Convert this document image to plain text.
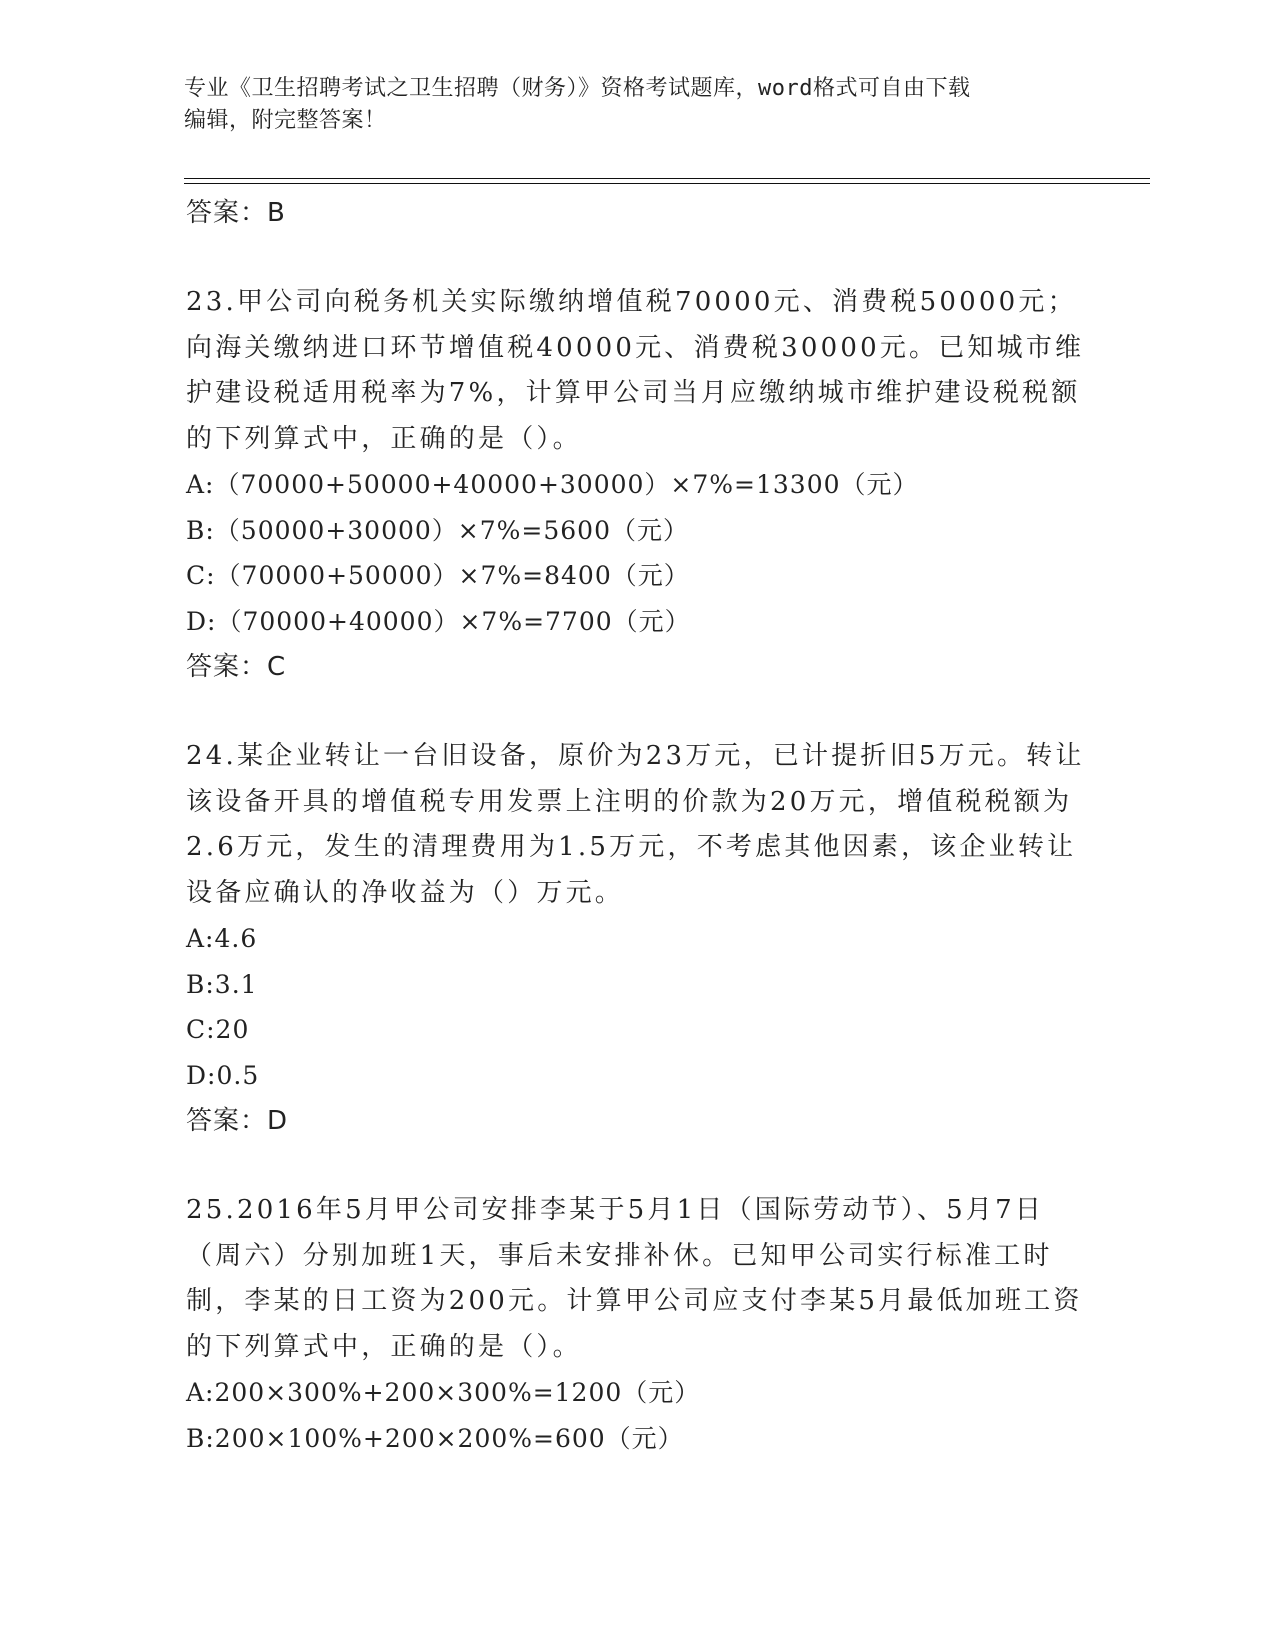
专业《卫生招聘考试之卫生招聘（财务）》资格考试题库，word格式可自由下载
编辑，附完整答案！

答案：B

23.甲公司向税务机关实际缴纳增值税70000元、消费税50000元；向海关缴纳进口环节增值税40000元、消费税30000元。已知城市维护建设税适用税率为7%，计算甲公司当月应缴纳城市维护建设税税额的下列算式中，正确的是（）。

A:（70000+50000+40000+30000）×7%=13300（元）

B:（50000+30000）×7%=5600（元）

C:（70000+50000）×7%=8400（元）

D:（70000+40000）×7%=7700（元）

答案：C

24.某企业转让一台旧设备，原价为23万元，已计提折旧5万元。转让该设备开具的增值税专用发票上注明的价款为20万元，增值税税额为2.6万元，发生的清理费用为1.5万元，不考虑其他因素，该企业转让设备应确认的净收益为（）万元。

A:4.6

B:3.1

C:20

D:0.5

答案：D

25.2016年5月甲公司安排李某于5月1日（国际劳动节）、5月7日（周六）分别加班1天，事后未安排补休。已知甲公司实行标准工时制，李某的日工资为200元。计算甲公司应支付李某5月最低加班工资的下列算式中，正确的是（）。

A:200×300%+200×300%=1200（元）

B:200×100%+200×200%=600（元）
